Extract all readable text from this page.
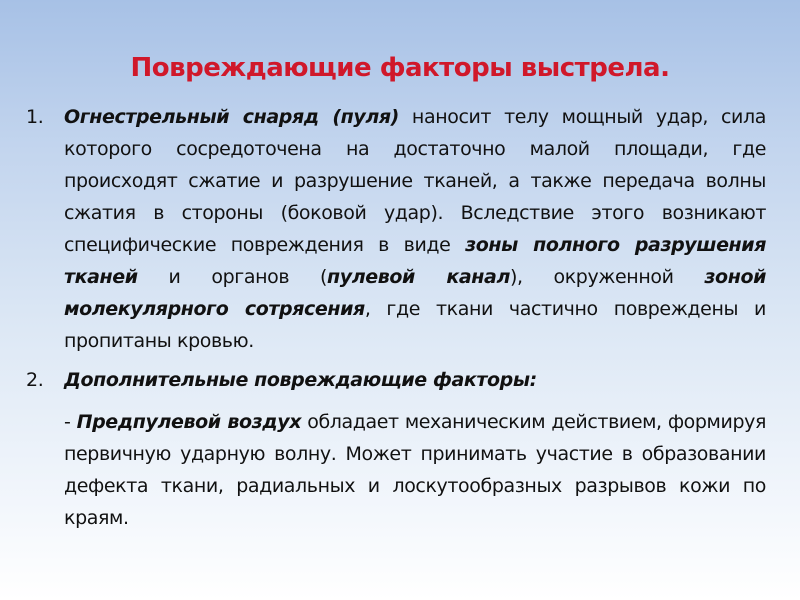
Повреждающие факторы выстрела.
1. Огнестрельный снаряд (пуля) наносит телу мощный удар, сила которого сосредоточена на достаточно малой площади, где происходят сжатие и разрушение тканей, а также передача волны сжатия в стороны (боковой удар). Вследствие этого возникают специфические повреждения в виде зоны полного разрушения тканей и органов (пулевой канал), окруженной зоной молекулярного сотрясения, где ткани частично повреждены и пропитаны кровью.
2. Дополнительные повреждающие факторы:
- Предпулевой воздух обладает механическим действием, формируя первичную ударную волну. Может принимать участие в образовании дефекта ткани, радиальных и лоскутообразных разрывов кожи по краям.
